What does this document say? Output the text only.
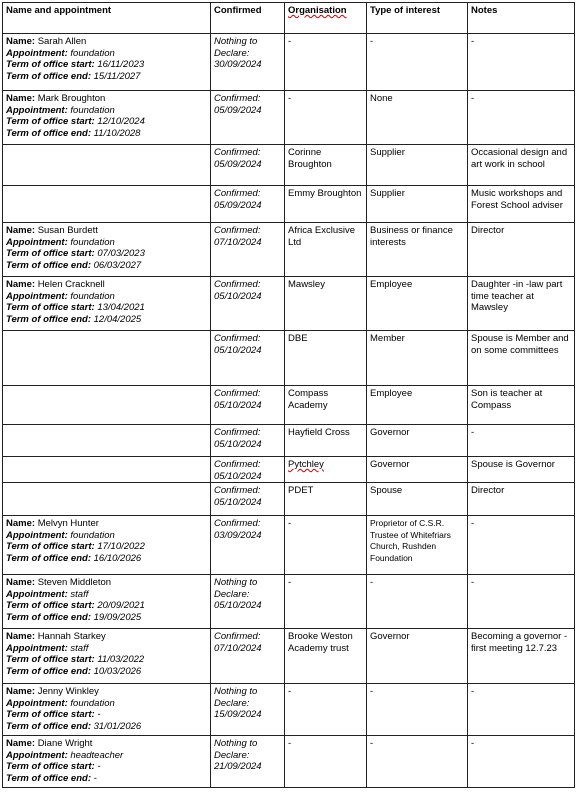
Name and appointment	Confirmed	Organisation	Type of interest	Notes

Name: Sarah Allen
Appointment: foundation
Term of office start: 16/11/2023
Term of office end: 15/11/2027	Nothing to
Declare:
30/09/2024	-	-	-

Name: Mark Broughton
Appointment: foundation
Term of office start: 12/10/2024
Term of office end: 11/10/2028	Confirmed:
05/09/2024	-	None	-

	Confirmed:
05/09/2024	Corinne Broughton	Supplier	Occasional design and art work in school

	Confirmed:
05/09/2024	Emmy Broughton	Supplier	Music workshops and Forest School adviser

Name: Susan Burdett
Appointment: foundation
Term of office start: 07/03/2023
Term of office end: 06/03/2027	Confirmed:
07/10/2024	Africa Exclusive Ltd	Business or finance interests	Director

Name: Helen Cracknell
Appointment: foundation
Term of office start: 13/04/2021
Term of office end: 12/04/2025	Confirmed:
05/10/2024	Mawsley	Employee	Daughter -in -law part time teacher at Mawsley

	Confirmed:
05/10/2024	DBE	Member	Spouse is Member and on some committees

	Confirmed:
05/10/2024	Compass Academy	Employee	Son is teacher at Compass

	Confirmed:
05/10/2024	Hayfield Cross	Governor	-

	Confirmed:
05/10/2024	Pytchley	Governor	Spouse is Governor

	Confirmed:
05/10/2024	PDET	Spouse	Director

Name: Melvyn Hunter
Appointment: foundation
Term of office start: 17/10/2022
Term of office end: 16/10/2026	Confirmed:
03/09/2024	-	Proprietor of C.S.R. Trustee of Whitefriars Church, Rushden Foundation	-

Name: Steven Middleton
Appointment: staff
Term of office start: 20/09/2021
Term of office end: 19/09/2025	Nothing to
Declare:
05/10/2024	-	-	-

Name: Hannah Starkey
Appointment: staff
Term of office start: 11/03/2022
Term of office end: 10/03/2026	Confirmed:
07/10/2024	Brooke Weston Academy trust	Governor	Becoming a governor - first meeting 12.7.23

Name: Jenny Winkley
Appointment: foundation
Term of office start: -
Term of office end: 31/01/2026	Nothing to
Declare:
15/09/2024	-	-	-

Name: Diane Wright
Appointment: headteacher
Term of office start: -
Term of office end: -	Nothing to
Declare:
21/09/2024	-	-	-
